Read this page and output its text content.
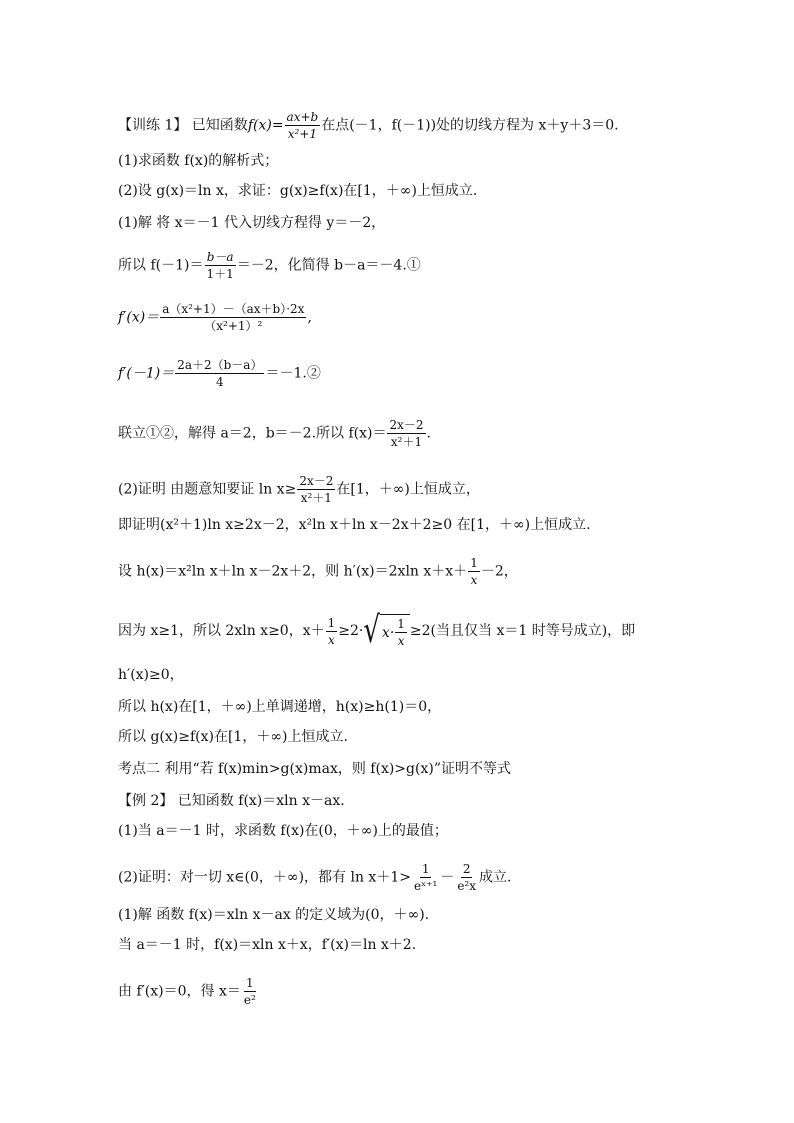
【训练 1】 已知函数$f(x)= \frac{ax+b}{\text{x²+1}}$ 在点(－1，f(－1))处的切线方程为 x＋y＋3＝0.
(1)求函数 f(x)的解析式；
(2)设 g(x)＝ln x，求证：g(x)≥f(x)在[1，＋∞)上恒成立.
(1)解 将 x＝－1 代入切线方程得 y＝－2，
所以 $f(-1)= \frac{b-a}{1+1} =-2$，化简得 b－a＝－4.①
$f'(x)= \frac{\text{a（x²+1）－（ax＋b）·2x}}{\text{（x²+1）²}}$ ,
$f'(-1)= \frac{2a+2(b-a)}{4}$ ＝－1.②
联立①②，解得 a＝2，b＝－2.所以 $f(x)= \frac{2x-2}{\text{x²＋1}}$ .
(2)证明 由题意知要证 $\ln x\ge \frac{2x-2}{\text{x²＋1}}$ 在[1，＋∞)上恒成立，
即证明(x²＋1)ln x≥2x－2，x²ln x＋ln x－2x＋2≥0 在[1，＋∞)上恒成立.
设 h(x)＝x²ln x＋ln x－2x＋2，则 h′(x)＝2xln $x+x+ \frac{1}{x} -2$，
因为 x≥1，所以 2xln x≥0，$x+ \frac{1}{x} \ge 2\cdot$ √ $x\cdot \frac{1}{x} \ge 2$(当且仅当 x＝1 时等号成立)，即
h′(x)≥0，
所以 h(x)在[1，＋∞)上单调递增，h(x)≥h(1)＝0，
所以 g(x)≥f(x)在[1，＋∞)上恒成立.
考点二 利用“若 f(x)min>g(x)max，则 f(x)>g(x)”证明不等式
【例 2】 已知函数 f(x)＝xln x－ax.
(1)当 a＝－1 时，求函数 f(x)在(0，＋∞)上的最值；
(2)证明：对一切 x∈(0，＋∞)，都有 $\ln x+1> \frac{1}{\text{eˣ⁺¹}} - \frac{2}{\text{e²x}}$ 成立.
(1)解 函数 f(x)＝xln x－ax 的定义域为(0，＋∞).
当 a＝－1 时，f(x)＝xln x＋x，f′(x)＝ln x＋2.
由 f′(x)＝0，得 $x= \frac{1}{\text{e²}}$
